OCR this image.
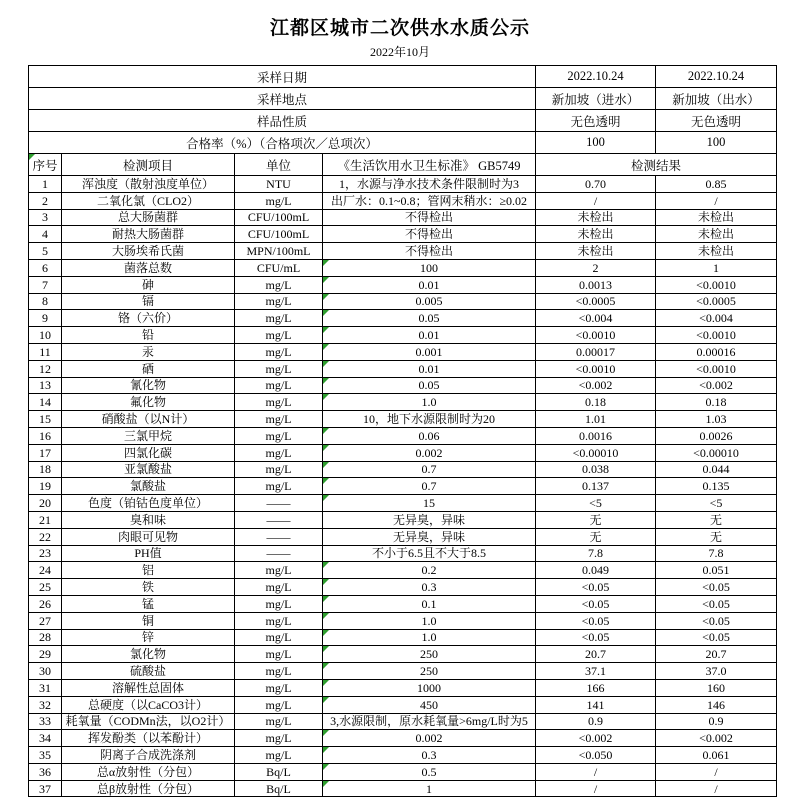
江都区城市二次供水水质公示
2022年10月
采样日期				2022.10.24	2022.10.24
采样地点				新加坡（进水）	新加坡（出水）
样品性质				无色透明	无色透明
合格率（%）（合格项次／总项次）				100	100
序号	检测项目	单位	《生活饮用水卫生标准》 GB5749	检测结果	
1	浑浊度（散射浊度单位）	NTU	1，水源与净水技术条件限制时为3	0.70	0.85
2	二氧化氯（CLO2）	mg/L	出厂水：0.1~0.8；管网末稍水：≥0.02	/	/
3	总大肠菌群	CFU/100mL	不得检出	未检出	未检出
4	耐热大肠菌群	CFU/100mL	不得检出	未检出	未检出
5	大肠埃希氏菌	MPN/100mL	不得检出	未检出	未检出
6	菌落总数	CFU/mL	100	2	1
7	砷	mg/L	0.01	0.0013	<0.0010
8	镉	mg/L	0.005	<0.0005	<0.0005
9	铬（六价）	mg/L	0.05	<0.004	<0.004
10	铅	mg/L	0.01	<0.0010	<0.0010
11	汞	mg/L	0.001	0.00017	0.00016
12	硒	mg/L	0.01	<0.0010	<0.0010
13	氰化物	mg/L	0.05	<0.002	<0.002
14	氟化物	mg/L	1.0	0.18	0.18
15	硝酸盐（以N计）	mg/L	10，地下水源限制时为20	1.01	1.03
16	三氯甲烷	mg/L	0.06	0.0016	0.0026
17	四氯化碳	mg/L	0.002	<0.00010	<0.00010
18	亚氯酸盐	mg/L	0.7	0.038	0.044
19	氯酸盐	mg/L	0.7	0.137	0.135
20	色度（铂钴色度单位）	——	15	<5	<5
21	臭和味	——	无异臭，异味	无	无
22	肉眼可见物	——	无异臭，异味	无	无
23	PH值	——	不小于6.5且不大于8.5	7.8	7.8
24	铝	mg/L	0.2	0.049	0.051
25	铁	mg/L	0.3	<0.05	<0.05
26	锰	mg/L	0.1	<0.05	<0.05
27	铜	mg/L	1.0	<0.05	<0.05
28	锌	mg/L	1.0	<0.05	<0.05
29	氯化物	mg/L	250	20.7	20.7
30	硫酸盐	mg/L	250	37.1	37.0
31	溶解性总固体	mg/L	1000	166	160
32	总硬度（以CaCO3计）	mg/L	450	141	146
33	耗氧量（CODMn法，以O2计）	mg/L	3,水源限制，原水耗氧量>6mg/L时为5	0.9	0.9
34	挥发酚类（以苯酚计）	mg/L	0.002	<0.002	<0.002
35	阴离子合成洗涤剂	mg/L	0.3	<0.050	0.061
36	总α放射性（分包）	Bq/L	0.5	/	/
37	总β放射性（分包）	Bq/L	1	/	/
